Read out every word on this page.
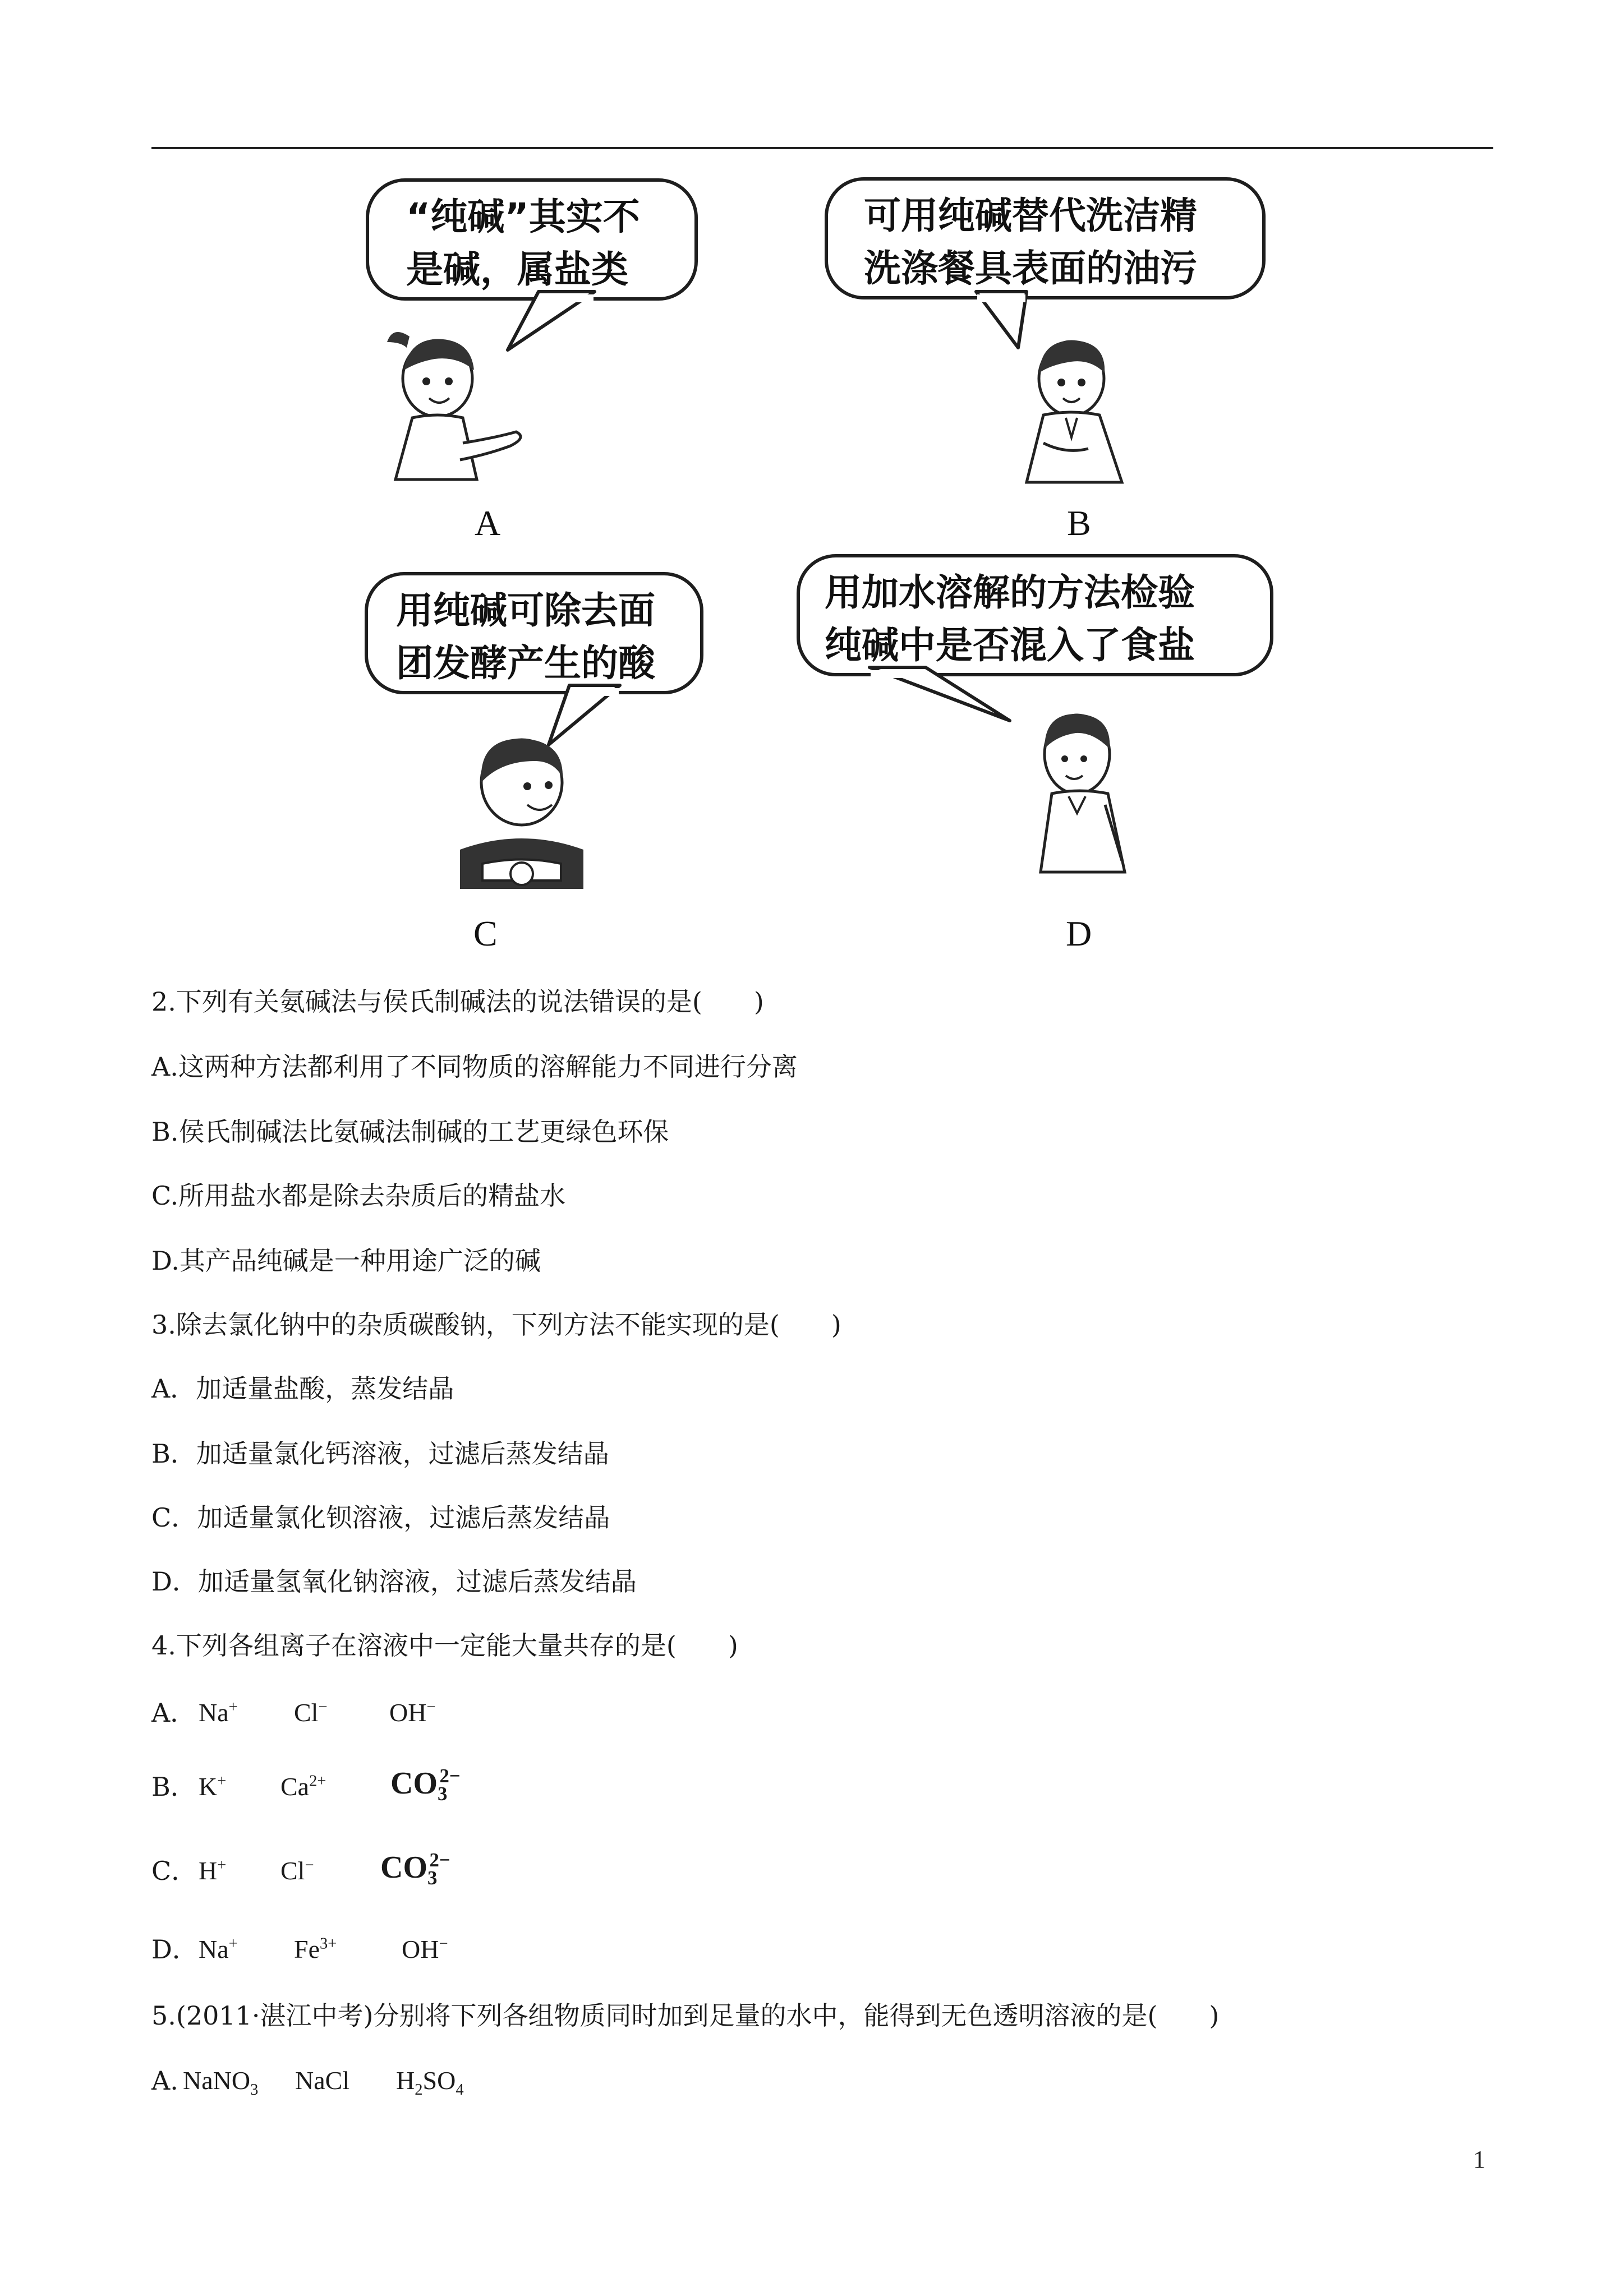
“纯碱”其实不
是碱，属盐类
A
可用纯碱替代洗洁精
洗涤餐具表面的油污
B
用纯碱可除去面
团发酵产生的酸
C
用加水溶解的方法检验
纯碱中是否混入了食盐
D
2.下列有关氨碱法与侯氏制碱法的说法错误的是(　　)
A.这两种方法都利用了不同物质的溶解能力不同进行分离
B.侯氏制碱法比氨碱法制碱的工艺更绿色环保
C.所用盐水都是除去杂质后的精盐水
D.其产品纯碱是一种用途广泛的碱
3.除去氯化钠中的杂质碳酸钠，下列方法不能实现的是(　　)
A．加适量盐酸，蒸发结晶
B．加适量氯化钙溶液，过滤后蒸发结晶
C．加适量氯化钡溶液，过滤后蒸发结晶
D．加适量氢氧化钠溶液，过滤后蒸发结晶
4.下列各组离子在溶液中一定能大量共存的是(　　)
A． Na+ Cl− OH−
B． K+ $Ca^{2+}$ $CO_3^{2-}$
C． H+ Cl− $CO_3^{2-}$
D． Na+ $Fe^{3+}$	OH−
5.(2011·湛江中考)分别将下列各组物质同时加到足量的水中，能得到无色透明溶液的是(　　)
A. NaNO$_3$ NaCl $H_2SO_4$
1
